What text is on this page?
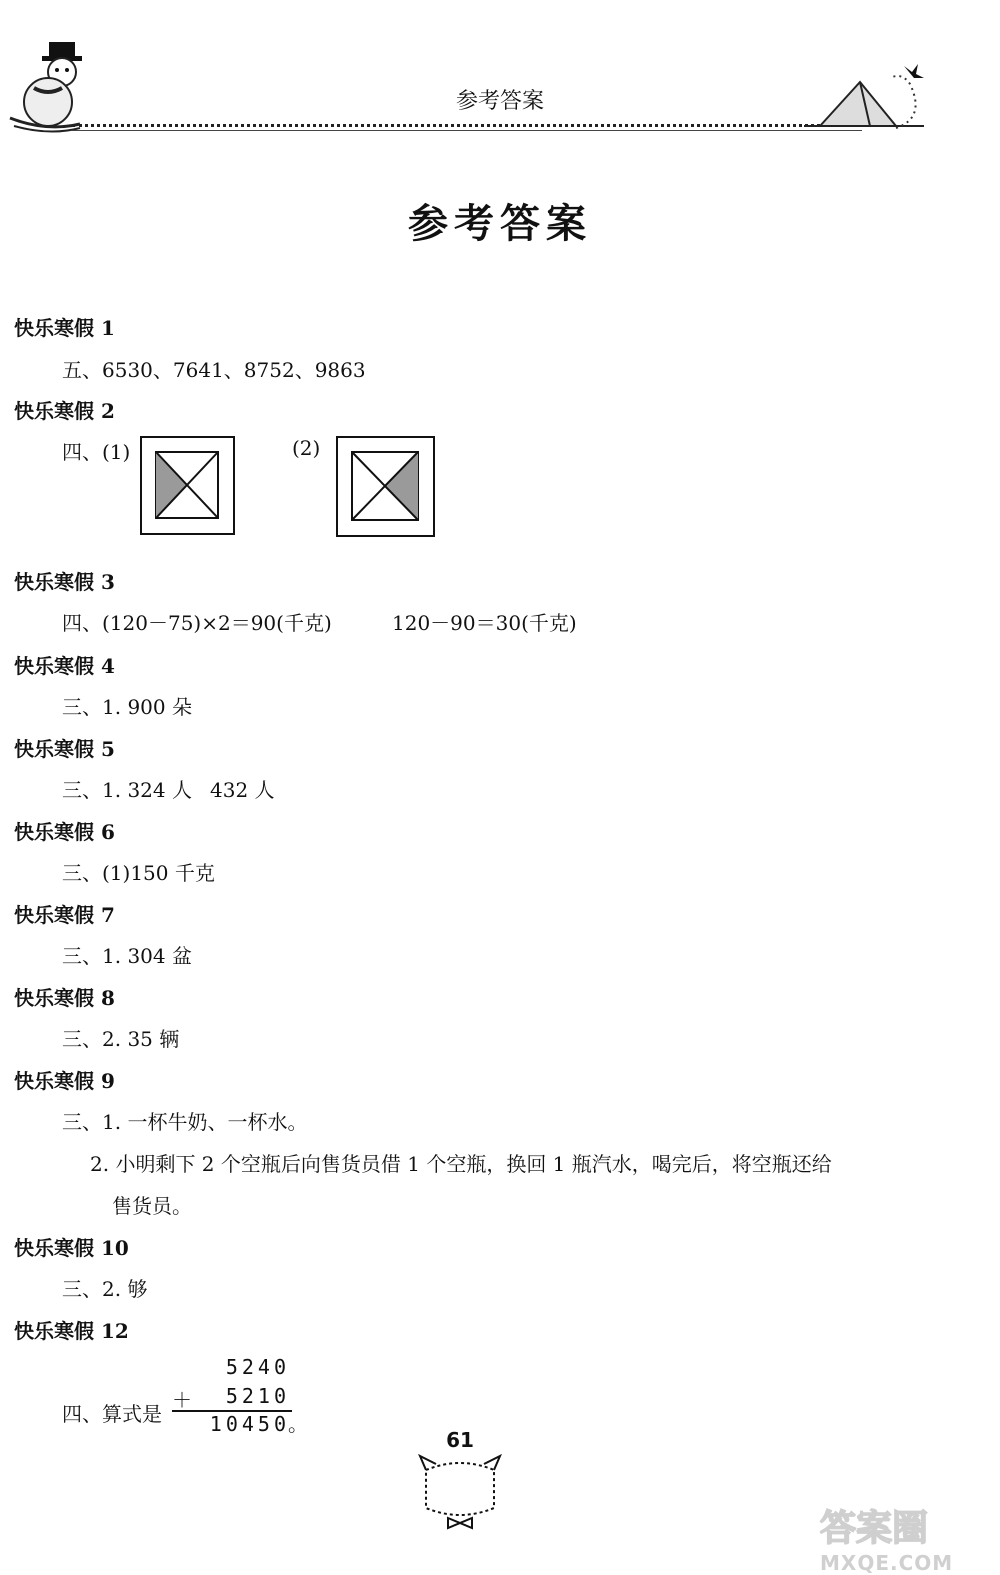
参考答案
参考答案
快乐寒假 1
五、6530、7641、8752、9863
快乐寒假 2
四、(1)	(2)
快乐寒假 3
四、(120－75)×2＝90(千克)	120－90＝30(千克)
快乐寒假 4
三、1. 900 朵
快乐寒假 5
三、1. 324 人 432 人
快乐寒假 6
三、(1)150 千克
快乐寒假 7
三、1. 304 盆
快乐寒假 8
三、2. 35 辆
快乐寒假 9
三、1. 一杯牛奶、一杯水。
2. 小明剩下 2 个空瓶后向售货员借 1 个空瓶，换回 1 瓶汽水，喝完后，将空瓶还给
售货员。
快乐寒假 10
三、2. 够
快乐寒假 12
四、算式是
5240
＋	5210
10450
。
61
答案圈
MXQE.COM
